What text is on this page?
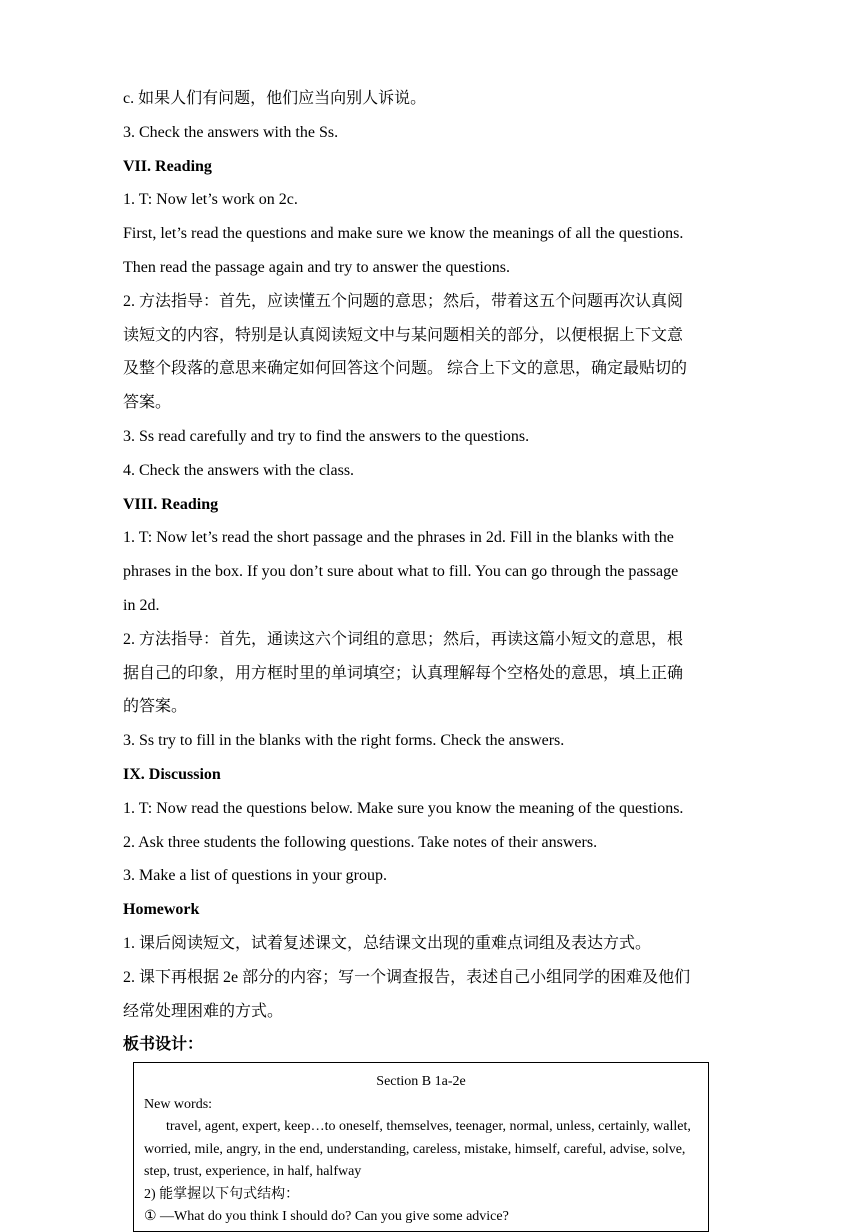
c. 如果人们有问题，他们应当向别人诉说。
3. Check the answers with the Ss.
VII. Reading
1. T: Now let’s work on 2c.
First, let’s read the questions and make sure we know the meanings of all the questions.
Then read the passage again and try to answer the questions.
2. 方法指导：首先，应读懂五个问题的意思；然后，带着这五个问题再次认真阅
读短文的内容，特别是认真阅读短文中与某问题相关的部分，以便根据上下文意
及整个段落的意思来确定如何回答这个问题。 综合上下文的意思，确定最贴切的
答案。
3. Ss read carefully and try to find the answers to the questions.
4. Check the answers with the class.
VIII. Reading
1. T: Now let’s read the short passage and the phrases in 2d. Fill in the blanks with the
phrases in the box. If you don’t sure about what to fill. You can go through the passage
in 2d.
2. 方法指导：首先，通读这六个词组的意思；然后，再读这篇小短文的意思，根
据自己的印象，用方框时里的单词填空；认真理解每个空格处的意思，填上正确
的答案。
3. Ss try to fill in the blanks with the right forms. Check the answers.
IX. Discussion
1. T: Now read the questions below. Make sure you know the meaning of the questions.
2. Ask three students the following questions. Take notes of their answers.
3. Make a list of questions in your group.
Homework
1. 课后阅读短文，试着复述课文，总结课文出现的重难点词组及表达方式。
2. 课下再根据 2e 部分的内容；写一个调查报告，表述自己小组同学的困难及他们
经常处理困难的方式。
板书设计：
Section B 1a-2e
New words:
travel, agent, expert, keep…to oneself, themselves, teenager, normal, unless, certainly, wallet, worried, mile, angry, in the end, understanding, careless, mistake, himself, careful, advise, solve, step, trust, experience, in half, halfway
2) 能掌握以下句式结构：
① —What do you think I should do? Can you give some advice?
